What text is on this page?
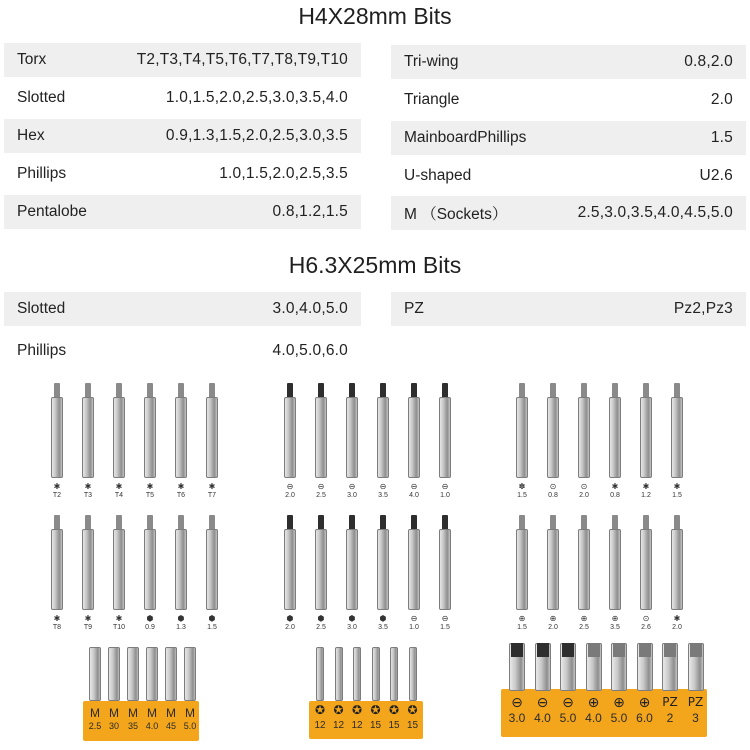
H4X28mm Bits
Torx	T2,T3,T4,T5,T6,T7,T8,T9,T10
Slotted	1.0,1.5,2.0,2.5,3.0,3.5,4.0
Hex	0.9,1.3,1.5,2.0,2.5,3.0,3.5
Phillips	1.0,1.5,2.0,2.5,3.5
Pentalobe	0.8,1.2,1.5
Tri-wing	0.8,2.0
Triangle	2.0
MainboardPhillips	1.5
U-shaped	U2.6
M （Sockets）	2.5,3.0,3.5,4.0,4.5,5.0
H6.3X25mm Bits
Slotted	3.0,4.0,5.0
Phillips	4.0,5.0,6.0
PZ	Pz2,Pz3
✱
T2
✱
T3
✱
T4
✱
T5
✱
T6
✱
T7
✱
T8
✱
T9
✱
T10
⬢
0.9
⬢
1.3
⬢
1.5
⊖
2.0
⊖
2.5
⊖
3.0
⊖
3.5
⊖
4.0
⊖
1.0
⬢
2.0
⬢
2.5
⬢
3.0
⬢
3.5
⊖
1.0
⊖
1.5
✽
1.5
⊙
0.8
⊙
2.0
✱
0.8
✱
1.2
✱
1.5
⊕
1.5
⊕
2.0
⊕
2.5
⊕
3.5
⊙
2.6
✱
2.0
M
2.5
M
30
M
35
M
4.0
M
45
M
5.0
✪
12
✪
12
✪
12
✪
15
✪
15
✪
15
⊖
3.0
⊖
4.0
⊖
5.0
⊕
4.0
⊕
5.0
⊕
6.0
PZ
2
PZ
3
